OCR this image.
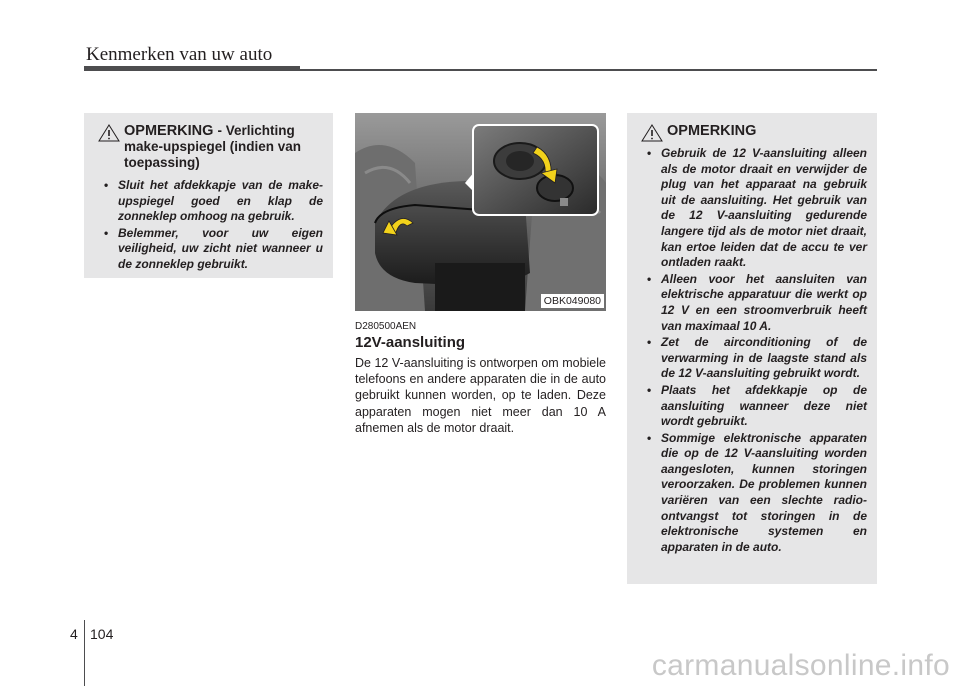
Kenmerken van uw auto
OPMERKING - Verlichting make-upspiegel (indien van toepassing)
• Sluit het afdekkapje van de make-upspiegel goed en klap de zonneklep omhoog na gebruik.
• Belemmer, voor uw eigen veiligheid, uw zicht niet wanneer u de zonneklep gebruikt.
OBK049080
D280500AEN
12V-aansluiting
De 12 V-aansluiting is ontworpen om mobiele telefoons en andere apparaten die in de auto gebruikt kunnen worden, op te laden. Deze apparaten mogen niet meer dan 10 A afnemen als de motor draait.
OPMERKING
• Gebruik de 12 V-aansluiting alleen als de motor draait en verwijder de plug van het apparaat na gebruik uit de aansluiting. Het gebruik van de 12 V-aansluiting gedurende langere tijd als de motor niet draait, kan ertoe leiden dat de accu te ver ontladen raakt.
• Alleen voor het aansluiten van elektrische apparatuur die werkt op 12 V en een stroomverbruik heeft van maximaal 10 A.
• Zet de airconditioning of de verwarming in de laagste stand als de 12 V-aansluiting gebruikt wordt.
• Plaats het afdekkapje op de aansluiting wanneer deze niet wordt gebruikt.
• Sommige elektronische apparaten die op de 12 V-aansluiting worden aangesloten, kunnen storingen veroorzaken. De problemen kunnen variëren van een slechte radio-ontvangst tot storingen in de elektronische systemen en apparaten in de auto.
4 104
carmanualsonline.info
